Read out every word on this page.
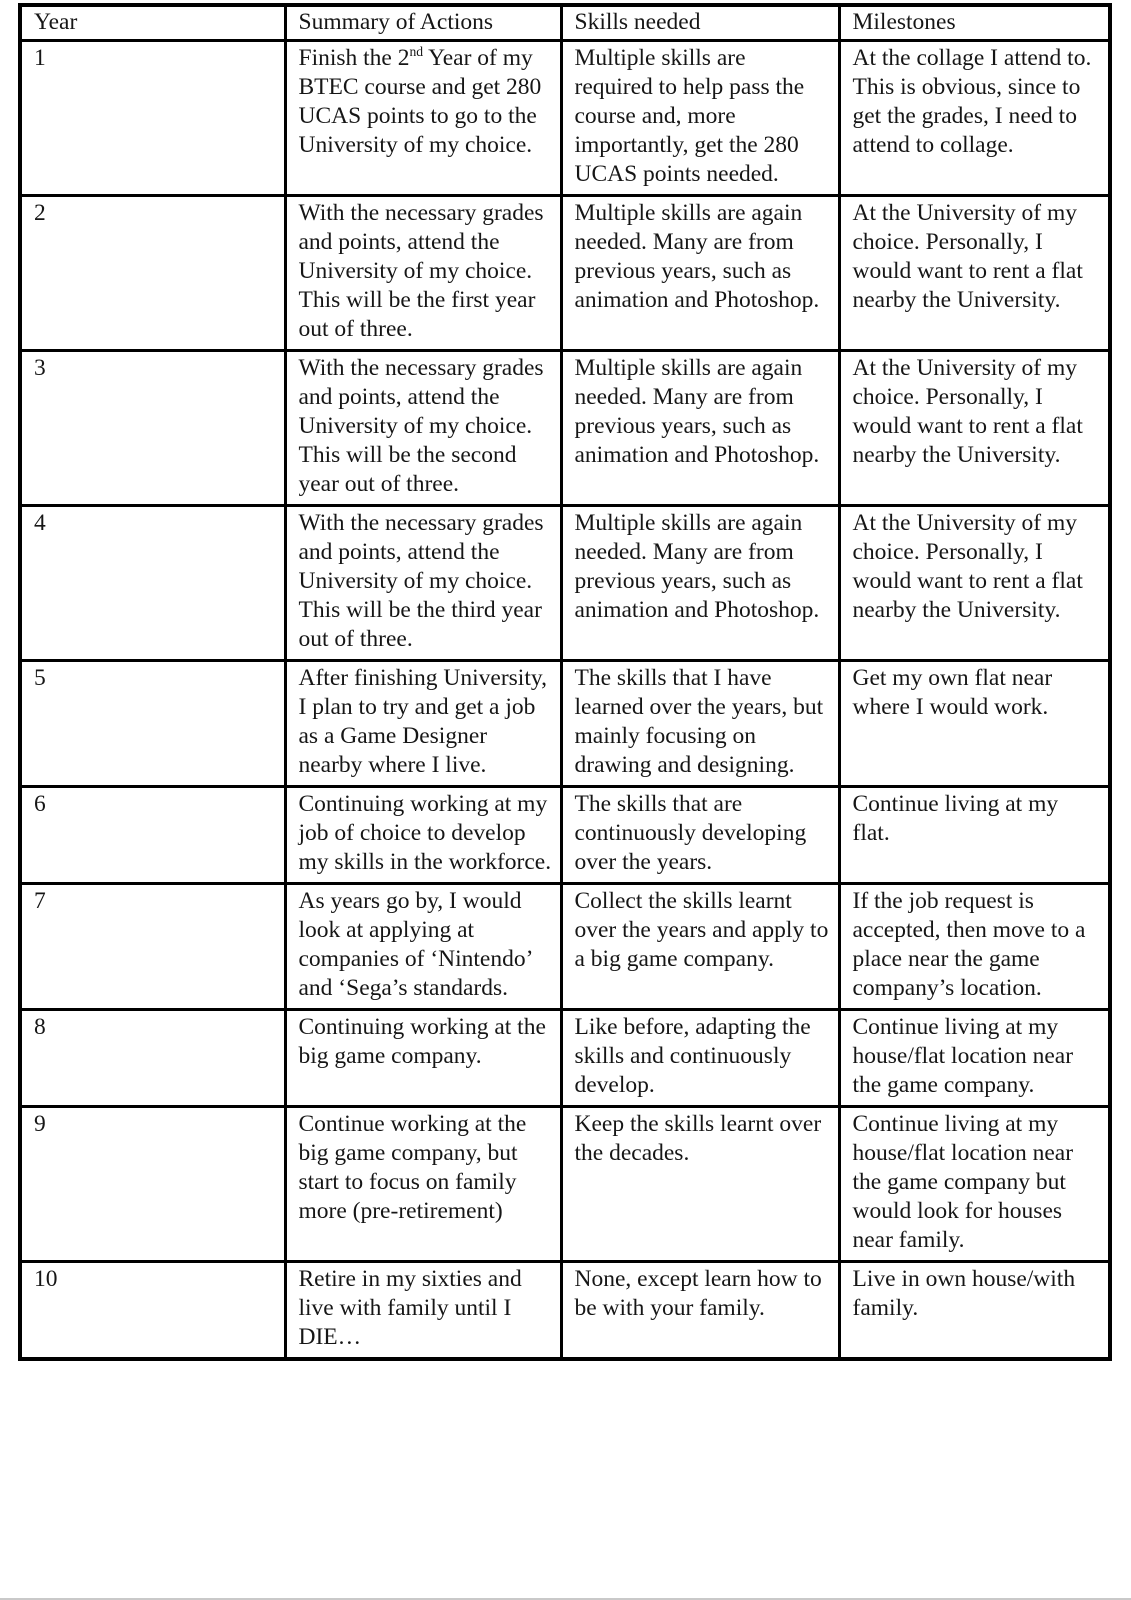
Year	Summary of Actions	Skills needed	Milestones
1	Finish the 2nd Year of my BTEC course and get 280 UCAS points to go to the University of my choice.	Multiple skills are required to help pass the course and, more importantly, get the 280 UCAS points needed.	At the collage I attend to. This is obvious, since to get the grades, I need to attend to collage.
2	With the necessary grades and points, attend the University of my choice. This will be the first year out of three.	Multiple skills are again needed. Many are from previous years, such as animation and Photoshop.	At the University of my choice. Personally, I would want to rent a flat nearby the University.
3	With the necessary grades and points, attend the University of my choice. This will be the second year out of three.	Multiple skills are again needed. Many are from previous years, such as animation and Photoshop.	At the University of my choice. Personally, I would want to rent a flat nearby the University.
4	With the necessary grades and points, attend the University of my choice. This will be the third year out of three.	Multiple skills are again needed. Many are from previous years, such as animation and Photoshop.	At the University of my choice. Personally, I would want to rent a flat nearby the University.
5	After finishing University, I plan to try and get a job as a Game Designer nearby where I live.	The skills that I have learned over the years, but mainly focusing on drawing and designing.	Get my own flat near where I would work.
6	Continuing working at my job of choice to develop my skills in the workforce.	The skills that are continuously developing over the years.	Continue living at my flat.
7	As years go by, I would look at applying at companies of ‘Nintendo’ and ‘Sega’s standards.	Collect the skills learnt over the years and apply to a big game company.	If the job request is accepted, then move to a place near the game company’s location.
8	Continuing working at the big game company.	Like before, adapting the skills and continuously develop.	Continue living at my house/flat location near the game company.
9	Continue working at the big game company, but start to focus on family more (pre-retirement)	Keep the skills learnt over the decades.	Continue living at my house/flat location near the game company but would look for houses near family.
10	Retire in my sixties and live with family until I DIE…	None, except learn how to be with your family.	Live in own house/with family.
